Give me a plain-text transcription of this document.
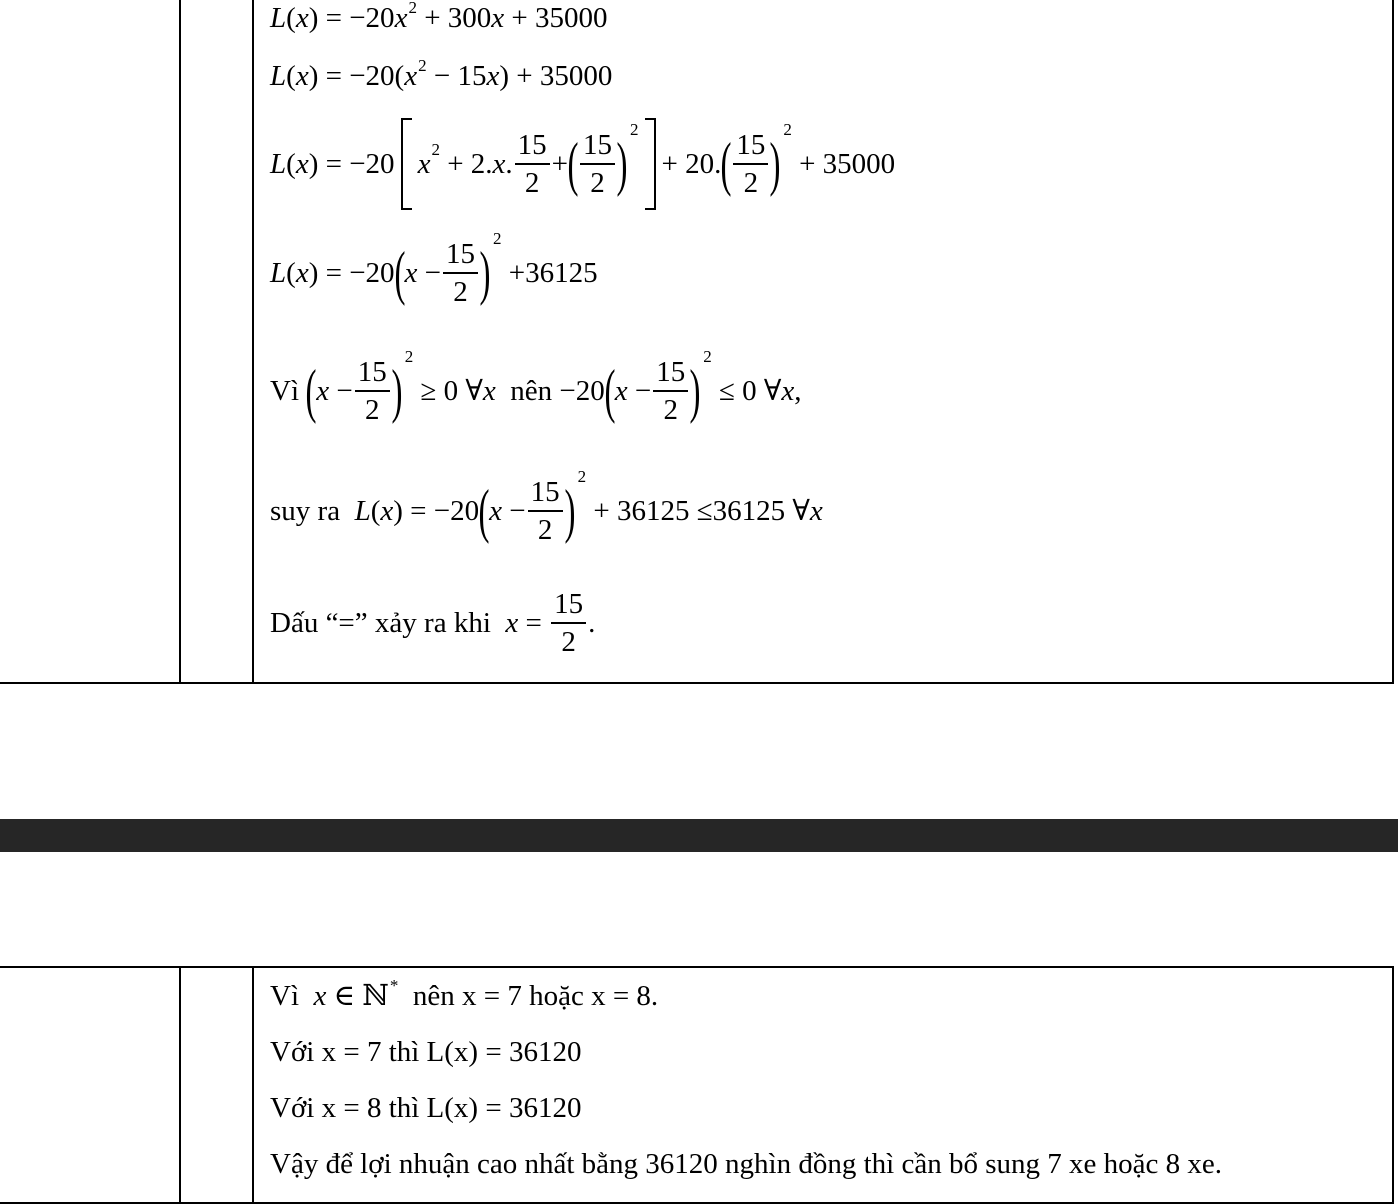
$L(x) = -20x^2 + 300x + 35000$
$L(x) = -20(x^2 - 15x) + 35000$
L ( x ) = −20 $x^2 + 2$. x . $\frac{15}{2}$ + ( $\frac{15}{2}$ )
2
+ 20. ( $\frac{15}{2}$ )
2
+ 35000
L ( x ) = −20 ( $x - \frac{15}{2}$ )
2
+ 36125
Vì
( $x - \frac{15}{2}$ )
2
≥ 0 ∀ x
nên −20 ( $x - \frac{15}{2}$ )
2
≤ 0 ∀ x ,
suy ra
L ( x ) = −20 ( $x - \frac{15}{2}$ )
2
+ 36125 ≤ 36125 ∀ x
Dấu “=” xảy ra khi
$x = \frac{15}{2}$ .
Vì x ∈ ℕ* nên x = 7 hoặc x = 8.
Với x = 7 thì L(x) = 36120
Với x = 8 thì L(x) = 36120
Vậy để lợi nhuận cao nhất bằng 36120 nghìn đồng thì cần bổ sung 7 xe hoặc 8 xe.
